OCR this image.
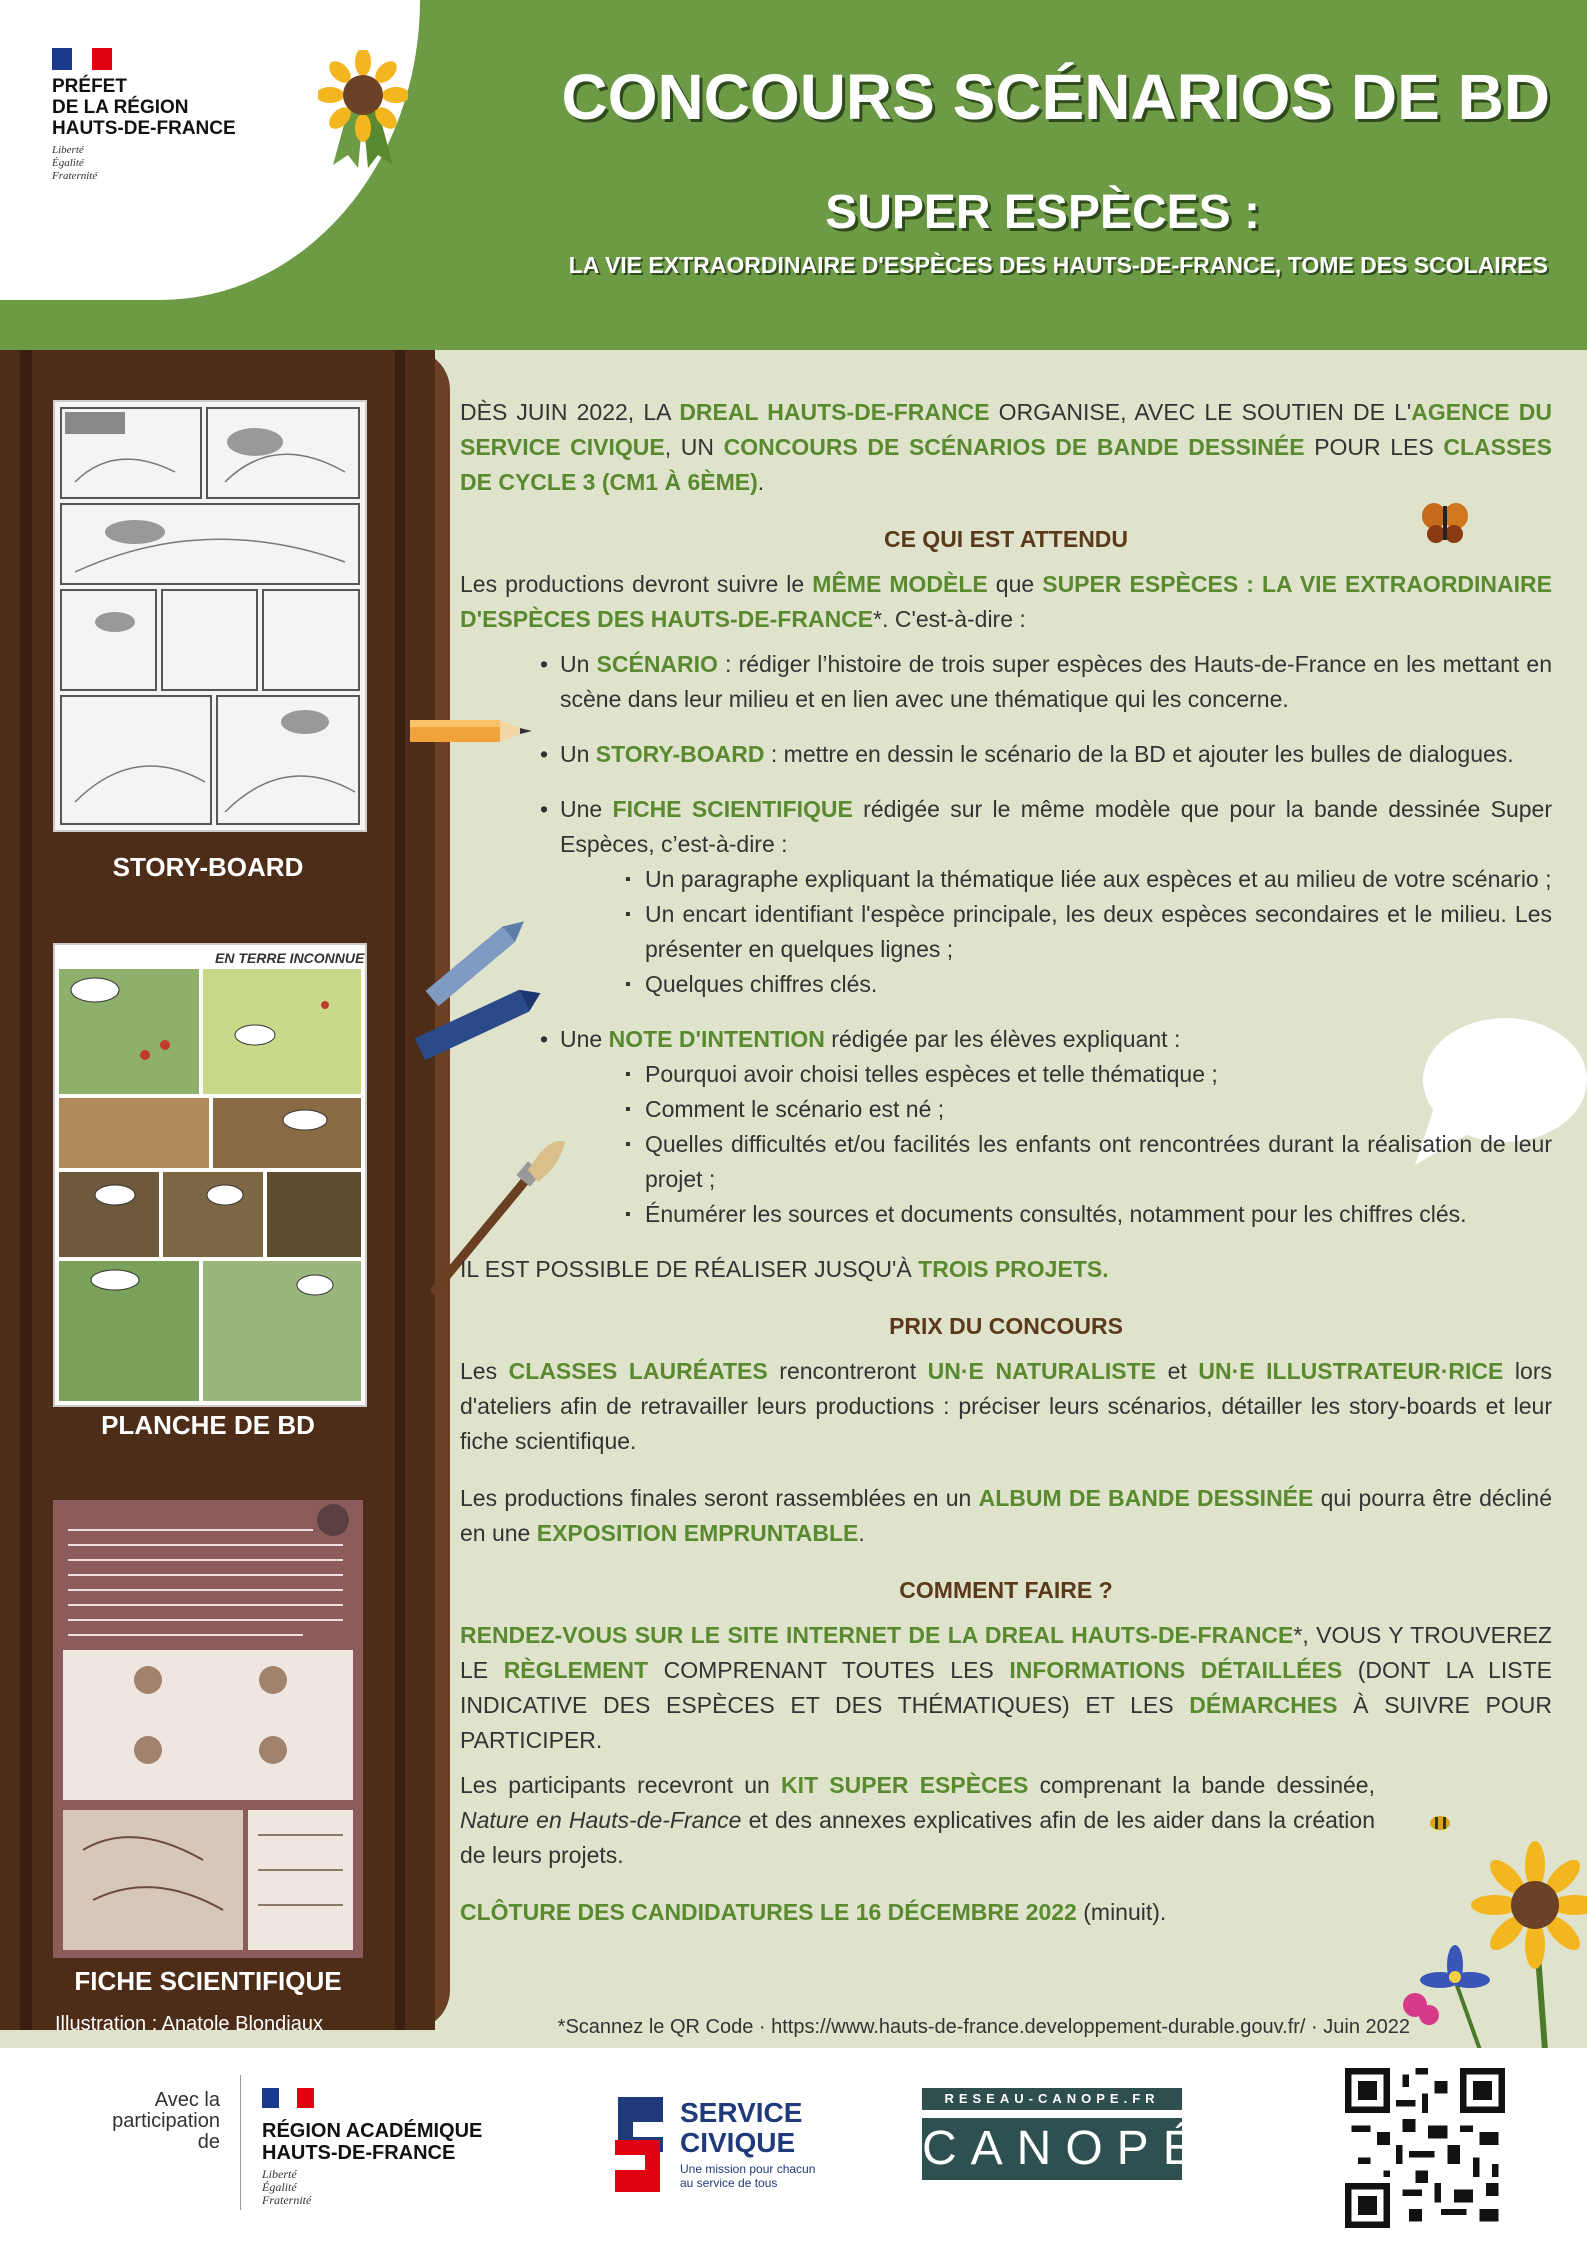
PRÉFET
DE LA RÉGION
HAUTS-DE-FRANCE
Liberté
Égalité
Fraternité
CONCOURS SCÉNARIOS DE BD
SUPER ESPÈCES :
LA VIE EXTRAORDINAIRE D'ESPÈCES DES HAUTS-DE-FRANCE, TOME DES SCOLAIRES
STORY-BOARD
EN TERRE INCONNUE
PLANCHE DE BD
FICHE SCIENTIFIQUE
Illustration : Anatole Blondiaux

DÈS JUIN 2022, LA DREAL HAUTS-DE-FRANCE ORGANISE, AVEC LE SOUTIEN DE L'AGENCE DU SERVICE CIVIQUE, UN CONCOURS DE SCÉNARIOS DE BANDE DESSINÉE POUR LES CLASSES DE CYCLE 3 (CM1 À 6ÈME).

CE QUI EST ATTENDU

Les productions devront suivre le MÊME MODÈLE que SUPER ESPÈCES : LA VIE EXTRAORDINAIRE D'ESPÈCES DES HAUTS-DE-FRANCE*. C'est-à-dire :

• Un SCÉNARIO : rédiger l’histoire de trois super espèces des Hauts-de-France en les mettant en scène dans leur milieu et en lien avec une thématique qui les concerne.
• Un STORY-BOARD : mettre en dessin le scénario de la BD et ajouter les bulles de dialogues.
• Une FICHE SCIENTIFIQUE rédigée sur le même modèle que pour la bande dessinée Super Espèces, c’est-à-dire :
▪ Un paragraphe expliquant la thématique liée aux espèces et au milieu de votre scénario ;
▪ Un encart identifiant l'espèce principale, les deux espèces secondaires et le milieu. Les présenter en quelques lignes ;
▪ Quelques chiffres clés.
• Une NOTE D'INTENTION rédigée par les élèves expliquant :
▪ Pourquoi avoir choisi telles espèces et telle thématique ;
▪ Comment le scénario est né ;
▪ Quelles difficultés et/ou facilités les enfants ont rencontrées durant la réalisation de leur projet ;
▪ Énumérer les sources et documents consultés, notamment pour les chiffres clés.

IL EST POSSIBLE DE RÉALISER JUSQU'À TROIS PROJETS.

PRIX DU CONCOURS

Les CLASSES LAURÉATES rencontreront UN·E NATURALISTE et UN·E ILLUSTRATEUR·RICE lors d'ateliers afin de retravailler leurs productions : préciser leurs scénarios, détailler les story-boards et leur fiche scientifique.

Les productions finales seront rassemblées en un ALBUM DE BANDE DESSINÉE qui pourra être décliné en une EXPOSITION EMPRUNTABLE.

COMMENT FAIRE ?

RENDEZ-VOUS SUR LE SITE INTERNET DE LA DREAL HAUTS-DE-FRANCE*, VOUS Y TROUVEREZ LE RÈGLEMENT COMPRENANT TOUTES LES INFORMATIONS DÉTAILLÉES (DONT LA LISTE INDICATIVE DES ESPÈCES ET DES THÉMATIQUES) ET LES DÉMARCHES À SUIVRE POUR PARTICIPER.

Les participants recevront un KIT SUPER ESPÈCES comprenant la bande dessinée, Nature en Hauts-de-France et des annexes explicatives afin de les aider dans la création de leurs projets.

CLÔTURE DES CANDIDATURES LE 16 DÉCEMBRE 2022 (minuit).

*Scannez le QR Code · https://www.hauts-de-france.developpement-durable.gouv.fr/ · Juin 2022
Avec la
participation
de RÉGION ACADÉMIQUE
HAUTS-DE-FRANCE
Liberté
Égalité
Fraternité
SERVICE
CIVIQUE
Une mission pour chacun
au service de tous
RESEAU-CANOPE.FR
CANOPÉ
